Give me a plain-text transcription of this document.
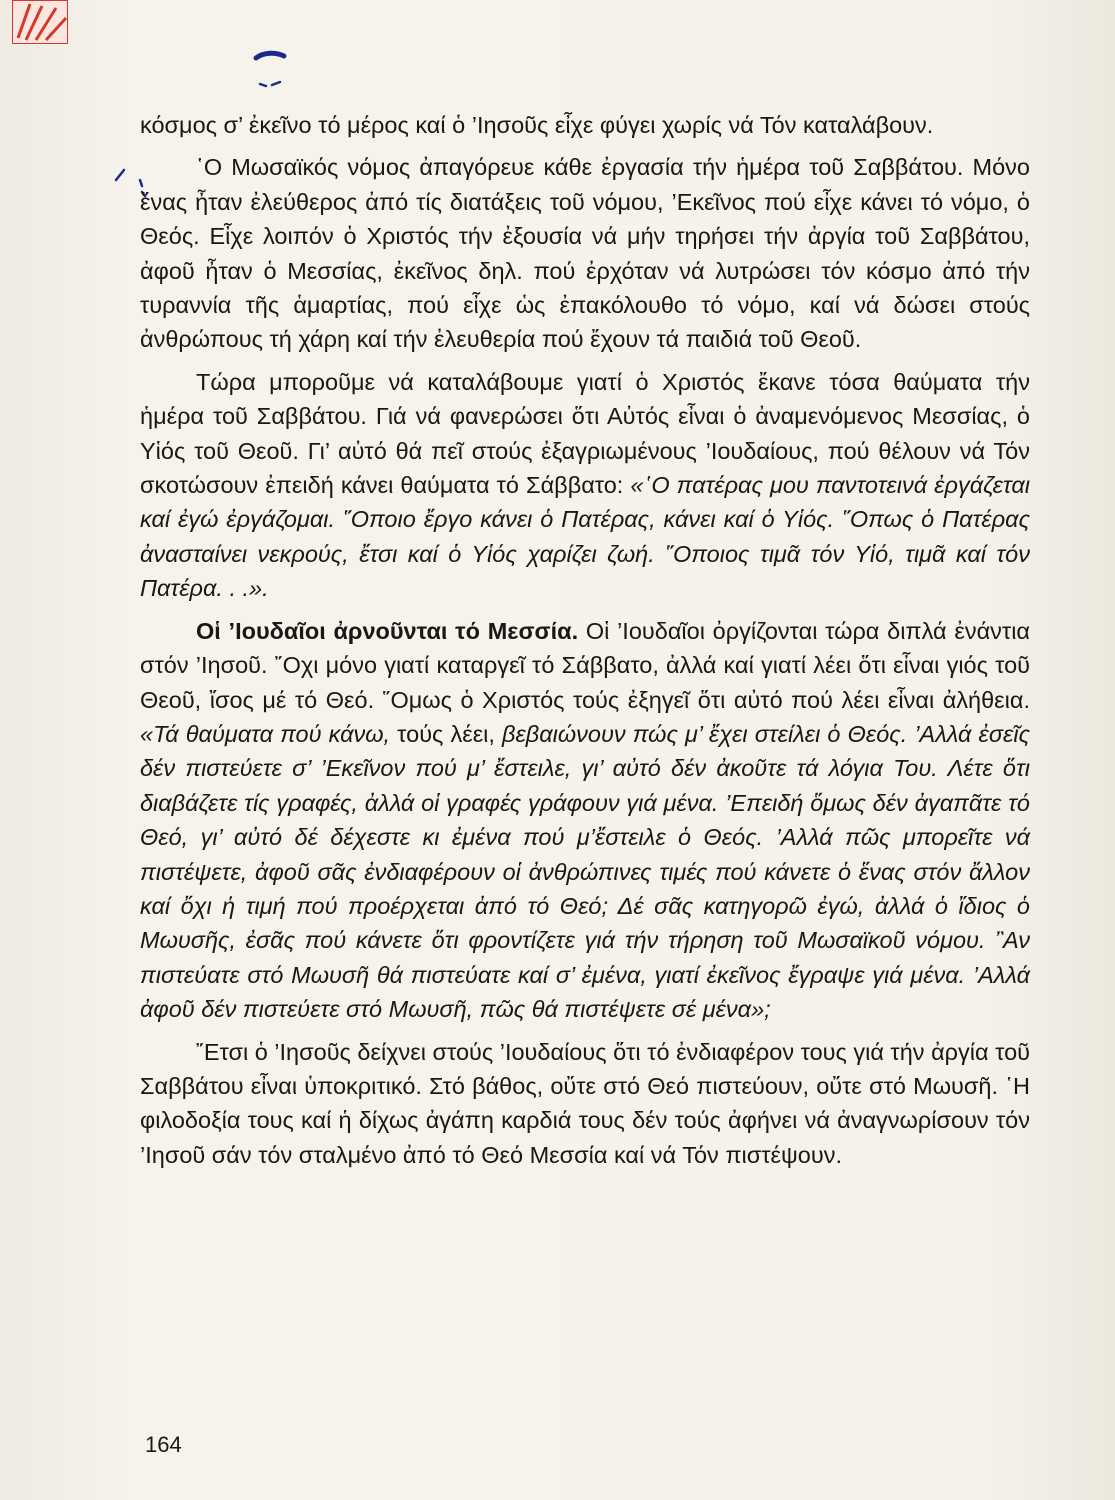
κόσμος σ’ ἐκεῖνο τό μέρος καί ὁ ’Ιησοῦς εἶχε φύγει χωρίς νά Τόν καταλάβουν.

῾Ο Μωσαϊκός νόμος ἀπαγόρευε κάθε ἐργασία τήν ἡμέρα τοῦ Σαββάτου. Μόνο ἕνας ἦταν ἐλεύθερος ἀπό τίς διατάξεις τοῦ νόμου, ’Εκεῖνος πού εἶχε κάνει τό νόμο, ὁ Θεός. Εἶχε λοιπόν ὁ Χριστός τήν ἐξουσία νά μήν τηρήσει τήν ἀργία τοῦ Σαββάτου, ἀφοῦ ἦταν ὁ Μεσσίας, ἐκεῖνος δηλ. πού ἐρχόταν νά λυτρώσει τόν κόσμο ἀπό τήν τυραννία τῆς ἁμαρτίας, πού εἶχε ὡς ἐπακόλουθο τό νόμο, καί νά δώσει στούς ἀνθρώπους τή χάρη καί τήν ἐλευθερία πού ἔχουν τά παιδιά τοῦ Θεοῦ.

Τώρα μποροῦμε νά καταλάβουμε γιατί ὁ Χριστός ἔκανε τόσα θαύματα τήν ἡμέρα τοῦ Σαββάτου. Γιά νά φανερώσει ὅτι Αὐτός εἶναι ὁ ἀναμενόμενος Μεσσίας, ὁ Υἱός τοῦ Θεοῦ. Γι’ αὐτό θά πεῖ στούς ἐξαγριωμένους ’Ιουδαίους, πού θέλουν νά Τόν σκοτώσουν ἐπειδή κάνει θαύματα τό Σάββατο: «῾Ο πατέρας μου παντοτεινά ἐργάζεται καί ἐγώ ἐργάζομαι. ῞Οποιο ἔργο κάνει ὁ Πατέρας, κάνει καί ὁ Υἱός. ῞Οπως ὁ Πατέρας ἀνασταίνει νεκρούς, ἔτσι καί ὁ Υἱός χαρίζει ζωή. ῞Οποιος τιμᾶ τόν Υἱό, τιμᾶ καί τόν Πατέρα. . .».

Οἱ ’Ιουδαῖοι ἀρνοῦνται τό Μεσσία. Οἱ ’Ιουδαῖοι ὀργίζονται τώρα διπλά ἐνάντια στόν ’Ιησοῦ. ῎Οχι μόνο γιατί καταργεῖ τό Σάββατο, ἀλλά καί γιατί λέει ὅτι εἶναι γιός τοῦ Θεοῦ, ἴσος μέ τό Θεό. ῞Ομως ὁ Χριστός τούς ἐξηγεῖ ὅτι αὐτό πού λέει εἶναι ἀλήθεια. «Τά θαύματα πού κάνω, τούς λέει, βεβαιώνουν πώς μ’ ἔχει στείλει ὁ Θεός. ’Αλλά ἐσεῖς δέν πιστεύετε σ’ ’Εκεῖνον πού μ’ ἔστειλε, γι’ αὐτό δέν ἀκοῦτε τά λόγια Του. Λέτε ὅτι διαβάζετε τίς γραφές, ἀλλά οἱ γραφές γράφουν γιά μένα. ’Επειδή ὅμως δέν ἀγαπᾶτε τό Θεό, γι’ αὐτό δέ δέχεστε κι ἐμένα πού μ’ἔστειλε ὁ Θεός. ’Αλλά πῶς μπορεῖτε νά πιστέψετε, ἀφοῦ σᾶς ἐνδιαφέρουν οἱ ἀνθρώπινες τιμές πού κάνετε ὁ ἕνας στόν ἄλλον καί ὄχι ἡ τιμή πού προέρχεται ἀπό τό Θεό; Δέ σᾶς κατηγορῶ ἐγώ, ἀλλά ὁ ἴδιος ὁ Μωυσῆς, ἐσᾶς πού κάνετε ὅτι φροντίζετε γιά τήν τήρηση τοῦ Μωσαϊκοῦ νόμου. ῍Αν πιστεύατε στό Μωυσῆ θά πιστεύατε καί σ’ ἐμένα, γιατί ἐκεῖνος ἔγραψε γιά μένα. ’Αλλά ἀφοῦ δέν πιστεύετε στό Μωυσῆ, πῶς θά πιστέψετε σέ μένα»;

῎Ετσι ὁ ’Ιησοῦς δείχνει στούς ’Ιουδαίους ὅτι τό ἐνδιαφέρον τους γιά τήν ἀργία τοῦ Σαββάτου εἶναι ὑποκριτικό. Στό βάθος, οὔτε στό Θεό πιστεύουν, οὔτε στό Μωυσῆ. ῾Η φιλοδοξία τους καί ἡ δίχως ἀγάπη καρδιά τους δέν τούς ἀφήνει νά ἀναγνωρίσουν τόν ’Ιησοῦ σάν τόν σταλμένο ἀπό τό Θεό Μεσσία καί νά Τόν πιστέψουν.

164
